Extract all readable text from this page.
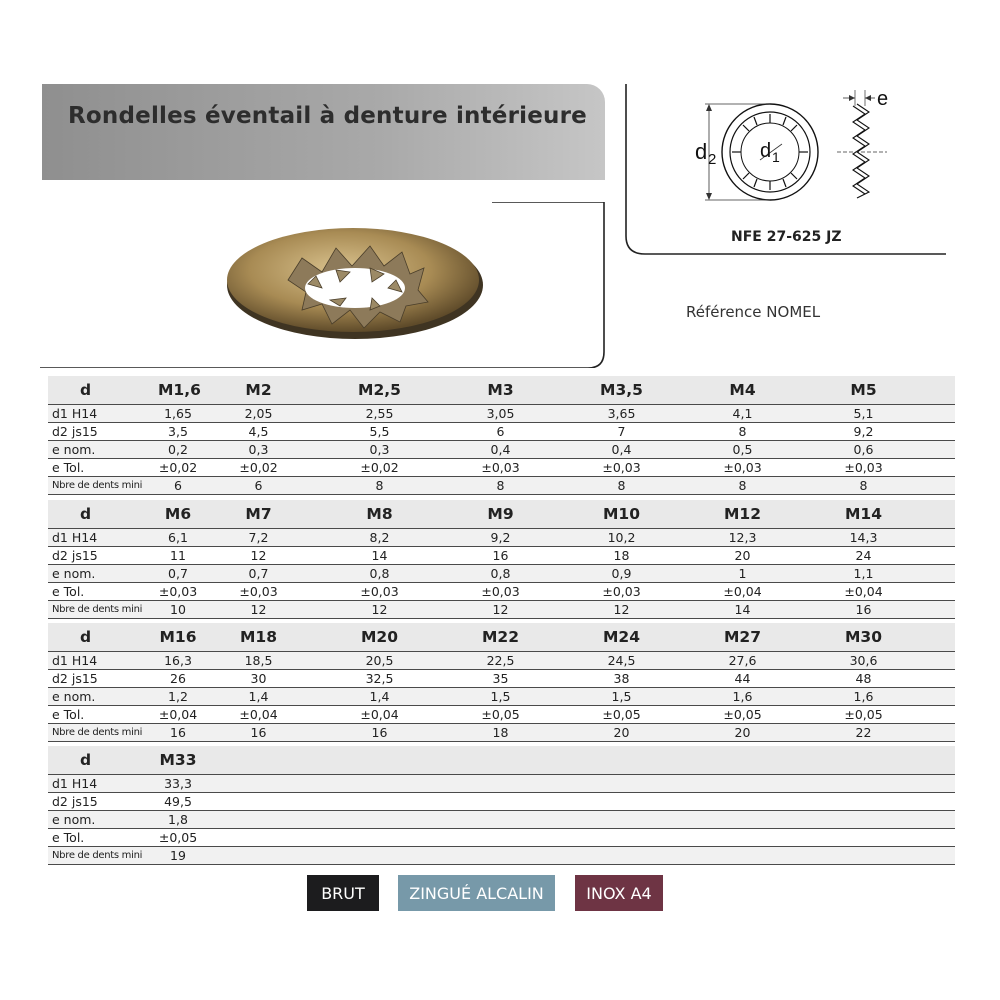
Rondelles éventail à denture intérieure
d 2 d 1
e
NFE 27-625 JZ
Référence NOMEL
d	M1,6	M2	M2,5	M3	M3,5	M4	M5
d1 H14	1,65	2,05	2,55	3,05	3,65	4,1	5,1
d2 js15	3,5	4,5	5,5	6	7	8	9,2
e nom.	0,2	0,3	0,3	0,4	0,4	0,5	0,6
e Tol.	±0,02	±0,02	±0,02	±0,03	±0,03	±0,03	±0,03
Nbre de dents mini	6	6	8	8	8	8	8
d	M6	M7	M8	M9	M10	M12	M14
d1 H14	6,1	7,2	8,2	9,2	10,2	12,3	14,3
d2 js15	11	12	14	16	18	20	24
e nom.	0,7	0,7	0,8	0,8	0,9	1	1,1
e Tol.	±0,03	±0,03	±0,03	±0,03	±0,03	±0,04	±0,04
Nbre de dents mini	10	12	12	12	12	14	16
d	M16	M18	M20	M22	M24	M27	M30
d1 H14	16,3	18,5	20,5	22,5	24,5	27,6	30,6
d2 js15	26	30	32,5	35	38	44	48
e nom.	1,2	1,4	1,4	1,5	1,5	1,6	1,6
e Tol.	±0,04	±0,04	±0,04	±0,05	±0,05	±0,05	±0,05
Nbre de dents mini	16	16	16	18	20	20	22
d	M33
d1 H14	33,3
d2 js15	49,5
e nom.	1,8
e Tol.	±0,05
Nbre de dents mini	19
BRUT	ZINGUÉ ALCALIN	INOX A4
